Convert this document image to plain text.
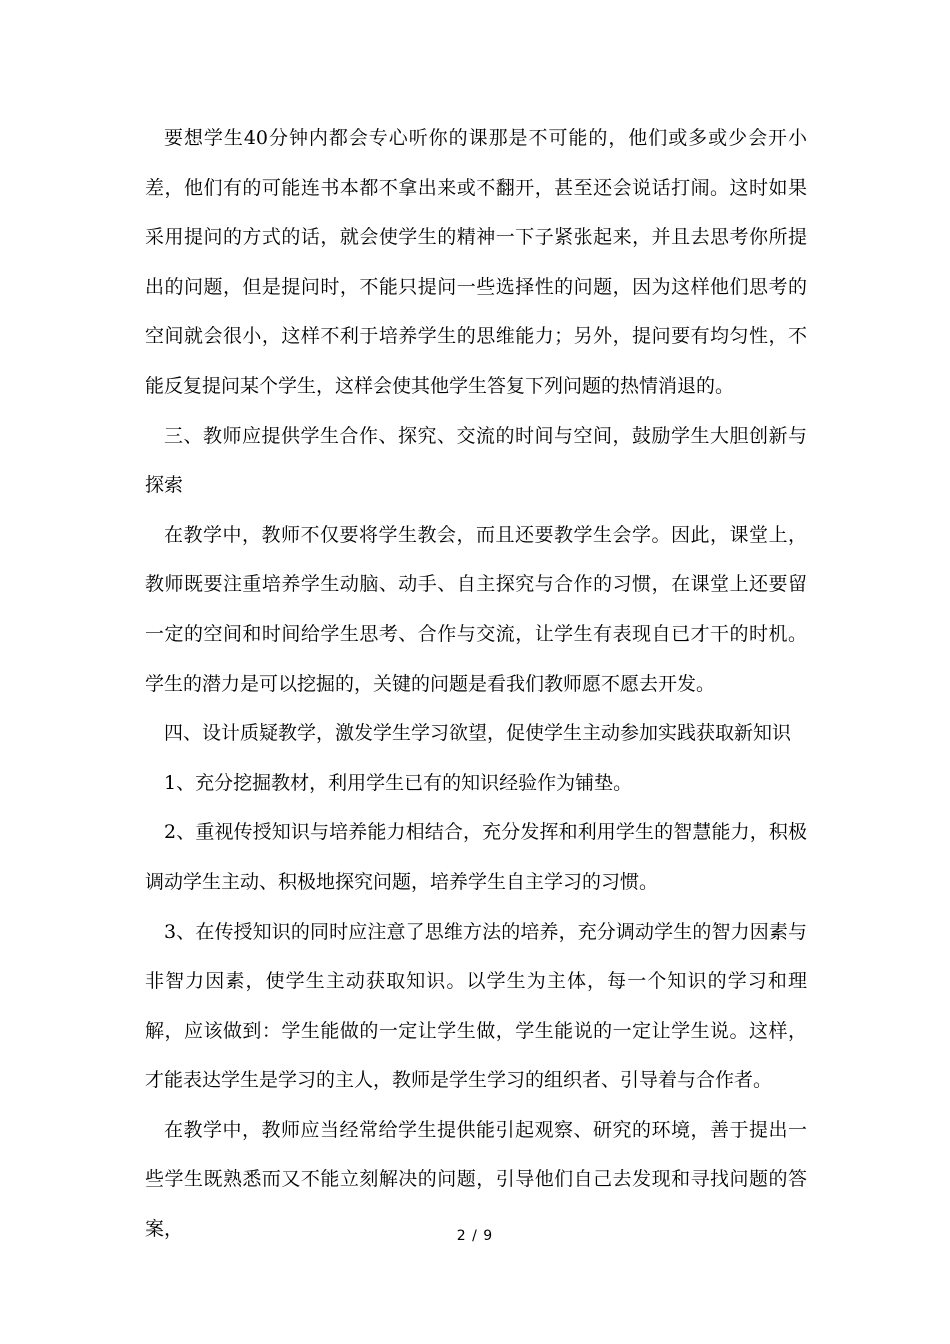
要想学生40分钟内都会专心听你的课那是不可能的，他们或多或少会开小差，他们有的可能连书本都不拿出来或不翻开，甚至还会说话打闹。这时如果采用提问的方式的话，就会使学生的精神一下子紧张起来，并且去思考你所提出的问题，但是提问时，不能只提问一些选择性的问题，因为这样他们思考的空间就会很小，这样不利于培养学生的思维能力；另外，提问要有均匀性，不能反复提问某个学生，这样会使其他学生答复下列问题的热情消退的。

三、教师应提供学生合作、探究、交流的时间与空间，鼓励学生大胆创新与探索

在教学中，教师不仅要将学生教会，而且还要教学生会学。因此，课堂上，教师既要注重培养学生动脑、动手、自主探究与合作的习惯，在课堂上还要留一定的空间和时间给学生思考、合作与交流，让学生有表现自已才干的时机。学生的潜力是可以挖掘的，关键的问题是看我们教师愿不愿去开发。

四、设计质疑教学，激发学生学习欲望，促使学生主动参加实践获取新知识

1、充分挖掘教材，利用学生已有的知识经验作为铺垫。

2、重视传授知识与培养能力相结合，充分发挥和利用学生的智慧能力，积极调动学生主动、积极地探究问题，培养学生自主学习的习惯。

3、在传授知识的同时应注意了思维方法的培养，充分调动学生的智力因素与非智力因素，使学生主动获取知识。以学生为主体，每一个知识的学习和理解，应该做到：学生能做的一定让学生做，学生能说的一定让学生说。这样，才能表达学生是学习的主人，教师是学生学习的组织者、引导着与合作者。

在教学中，教师应当经常给学生提供能引起观察、研究的环境，善于提出一些学生既熟悉而又不能立刻解决的问题，引导他们自己去发现和寻找问题的答案，	2 / 9
